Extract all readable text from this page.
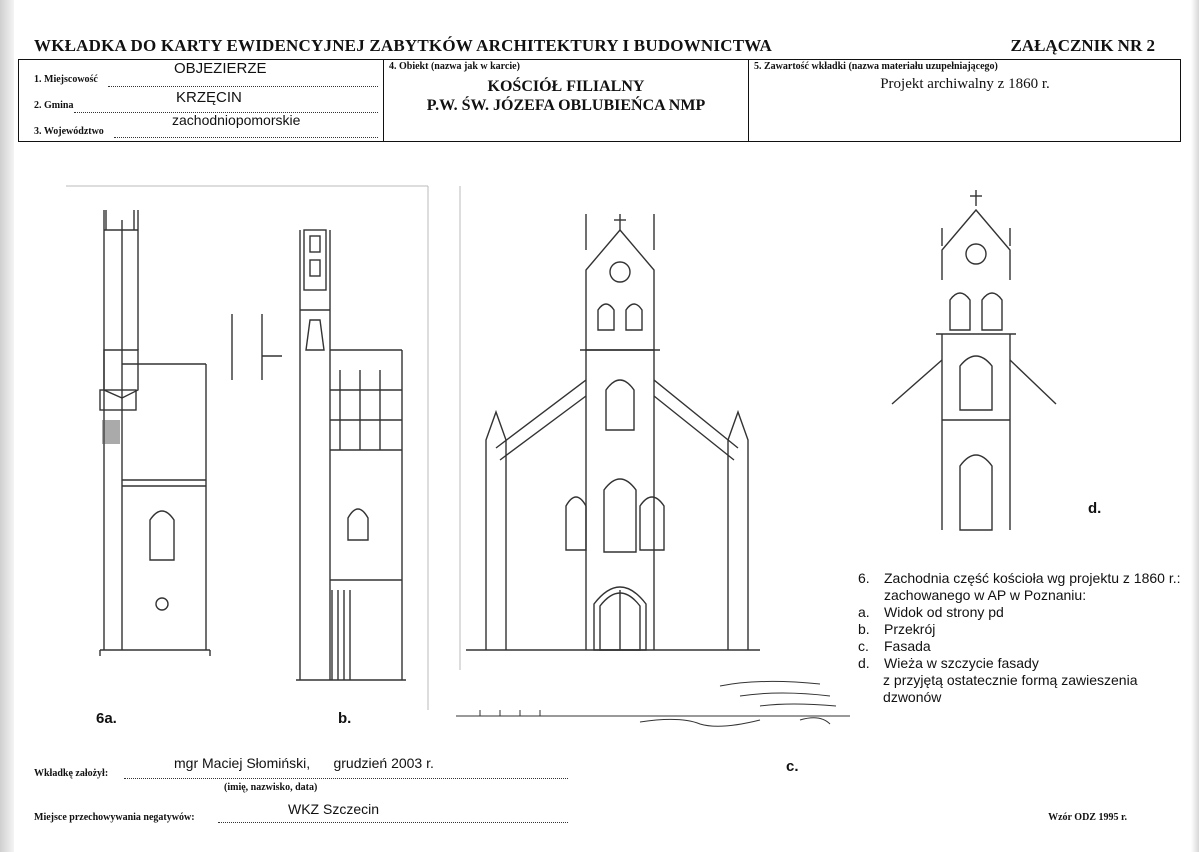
WKŁADKA DO KARTY EWIDENCYJNEJ ZABYTKÓW ARCHITEKTURY I BUDOWNICTWA	ZAŁĄCZNIK NR 2
1. Miejscowość
OBJEZIERZE
2. Gmina	KRZĘCIN
3. Województwo
zachodniopomorskie
4. Obiekt (nazwa jak w karcie)
KOŚCIÓŁ FILIALNY
P.W. ŚW. JÓZEFA OBLUBIEŃCA NMP
5. Zawartość wkładki (nazwa materiału uzupełniającego)
Projekt archiwalny z 1860 r.
6a.	b.
c.
d.
6.	Zachodnia część kościoła wg projektu z 1860 r.:
zachowanego w AP w Poznaniu:
a.	Widok od strony pd
b.	Przekrój
c.	Fasada
d.	Wieża w szczycie fasady
z przyjętą ostatecznie formą zawieszenia dzwonów
Wkładkę założył:
mgr Maciej Słomiński,      grudzień 2003 r.
(imię, nazwisko, data)
Miejsce przechowywania negatywów:
WKZ Szczecin
Wzór ODZ 1995 r.
